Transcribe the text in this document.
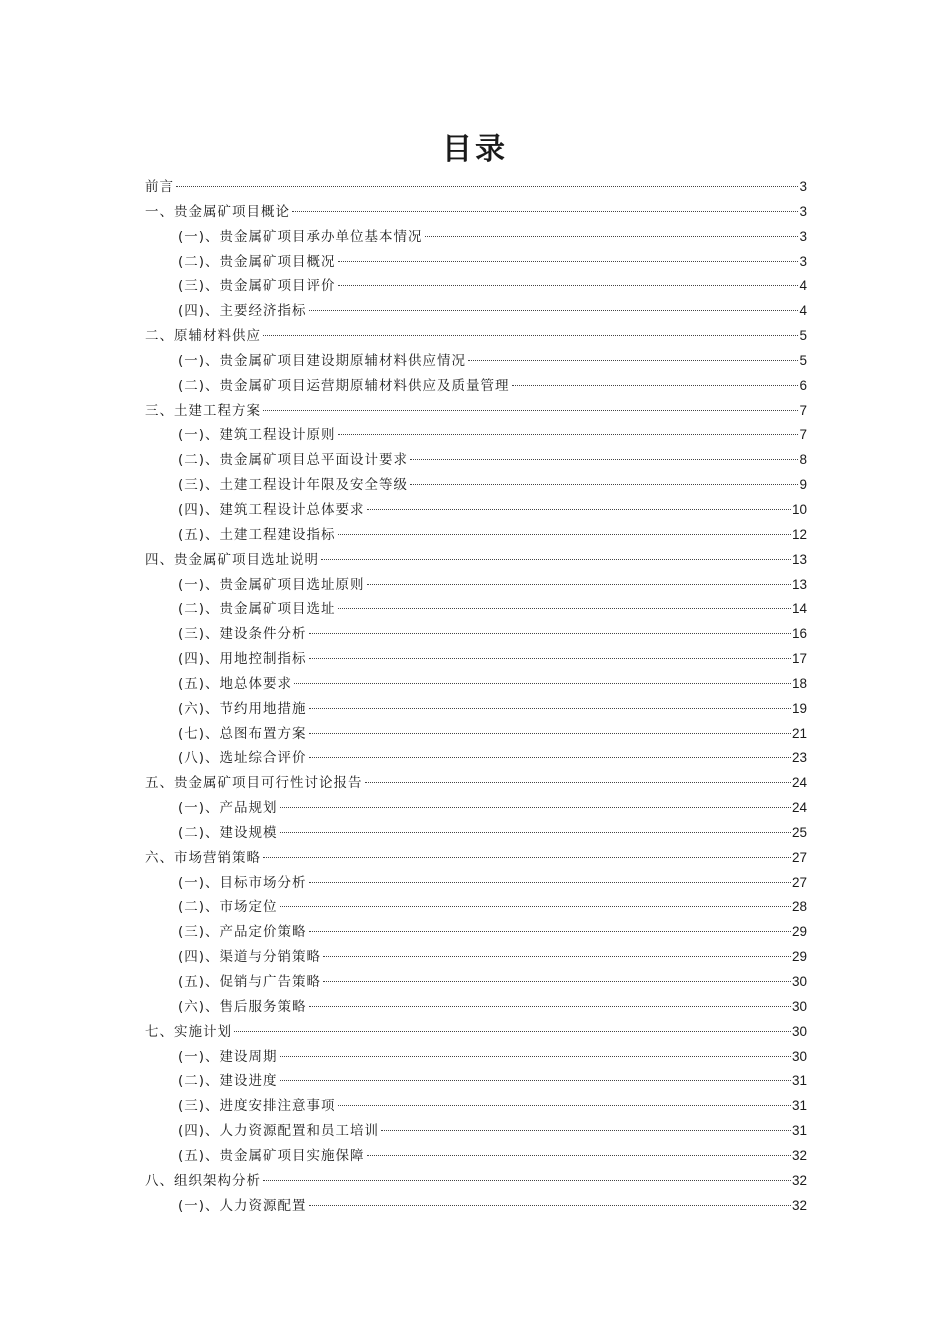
目录
前言	3
一、贵金属矿项目概论	3
(一)、贵金属矿项目承办单位基本情况	3
(二)、贵金属矿项目概况	3
(三)、贵金属矿项目评价	4
(四)、主要经济指标	4
二、原辅材料供应	5
(一)、贵金属矿项目建设期原辅材料供应情况	5
(二)、贵金属矿项目运营期原辅材料供应及质量管理	6
三、土建工程方案	7
(一)、建筑工程设计原则	7
(二)、贵金属矿项目总平面设计要求	8
(三)、土建工程设计年限及安全等级	9
(四)、建筑工程设计总体要求	10
(五)、土建工程建设指标	12
四、贵金属矿项目选址说明	13
(一)、贵金属矿项目选址原则	13
(二)、贵金属矿项目选址	14
(三)、建设条件分析	16
(四)、用地控制指标	17
(五)、地总体要求	18
(六)、节约用地措施	19
(七)、总图布置方案	21
(八)、选址综合评价	23
五、贵金属矿项目可行性讨论报告	24
(一)、产品规划	24
(二)、建设规模	25
六、市场营销策略	27
(一)、目标市场分析	27
(二)、市场定位	28
(三)、产品定价策略	29
(四)、渠道与分销策略	29
(五)、促销与广告策略	30
(六)、售后服务策略	30
七、实施计划	30
(一)、建设周期	30
(二)、建设进度	31
(三)、进度安排注意事项	31
(四)、人力资源配置和员工培训	31
(五)、贵金属矿项目实施保障	32
八、组织架构分析	32
(一)、人力资源配置	32
